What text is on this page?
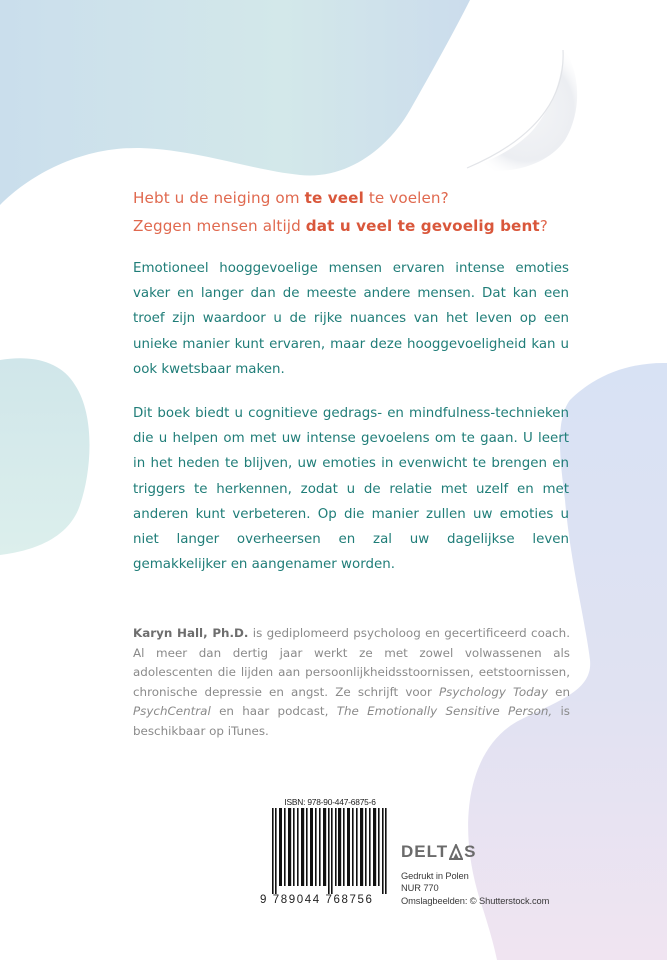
Hebt u de neiging om te veel te voelen?
Zeggen mensen altijd dat u veel te gevoelig bent?

Emotioneel hooggevoelige mensen ervaren intense emoties vaker en langer dan de meeste andere mensen. Dat kan een troef zijn waardoor u de rijke nuances van het leven op een unieke manier kunt ervaren, maar deze hooggevoeligheid kan u ook kwetsbaar maken.

Dit boek biedt u cognitieve gedrags- en mindfulness-technieken die u helpen om met uw intense gevoelens om te gaan. U leert in het heden te blijven, uw emoties in evenwicht te brengen en triggers te herkennen, zodat u de relatie met uzelf en met anderen kunt verbeteren. Op die manier zullen uw emoties u niet langer overheersen en zal uw dagelijkse leven gemakkelijker en aangenamer worden.

Karyn Hall, Ph.D. is gediplomeerd psycholoog en gecertificeerd coach. Al meer dan dertig jaar werkt ze met zowel volwassenen als adolescenten die lijden aan persoonlijkheidsstoornissen, eetstoornissen, chronische depressie en angst. Ze schrijft voor Psychology Today en PsychCentral en haar podcast, The Emotionally Sensitive Person, is beschikbaar op iTunes.

ISBN: 978-90-447-6875-6
9 789044 768756
DELT S
Gedrukt in Polen
NUR 770
Omslagbeelden: © Shutterstock.com
